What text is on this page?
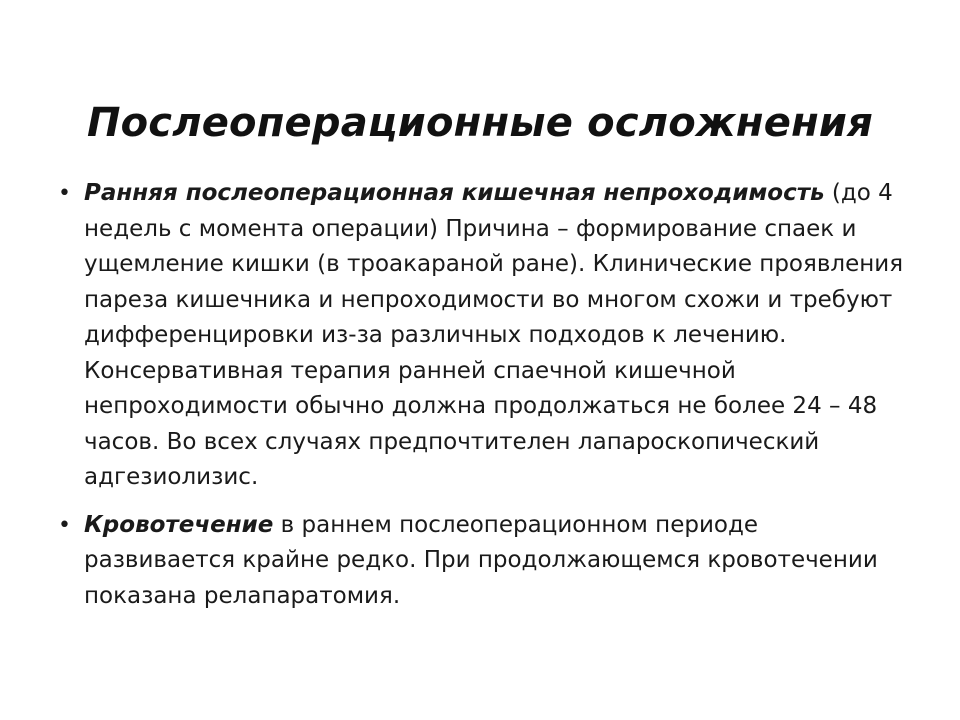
Послеоперационные осложнения
• Ранняя послеоперационная кишечная непроходимость (до 4 недель с момента операции) Причина – формирование спаек и ущемление кишки (в троакараной ране). Клинические проявления пареза кишечника и непроходимости во многом схожи и требуют дифференцировки из-за различных подходов к лечению. Консервативная терапия ранней спаечной кишечной непроходимости обычно должна продолжаться не более 24 – 48 часов. Во всех случаях предпочтителен лапароскопический адгезиолизис.
• Кровотечение в раннем послеоперационном периоде развивается крайне редко. При продолжающемся кровотечении показана релапаратомия.
